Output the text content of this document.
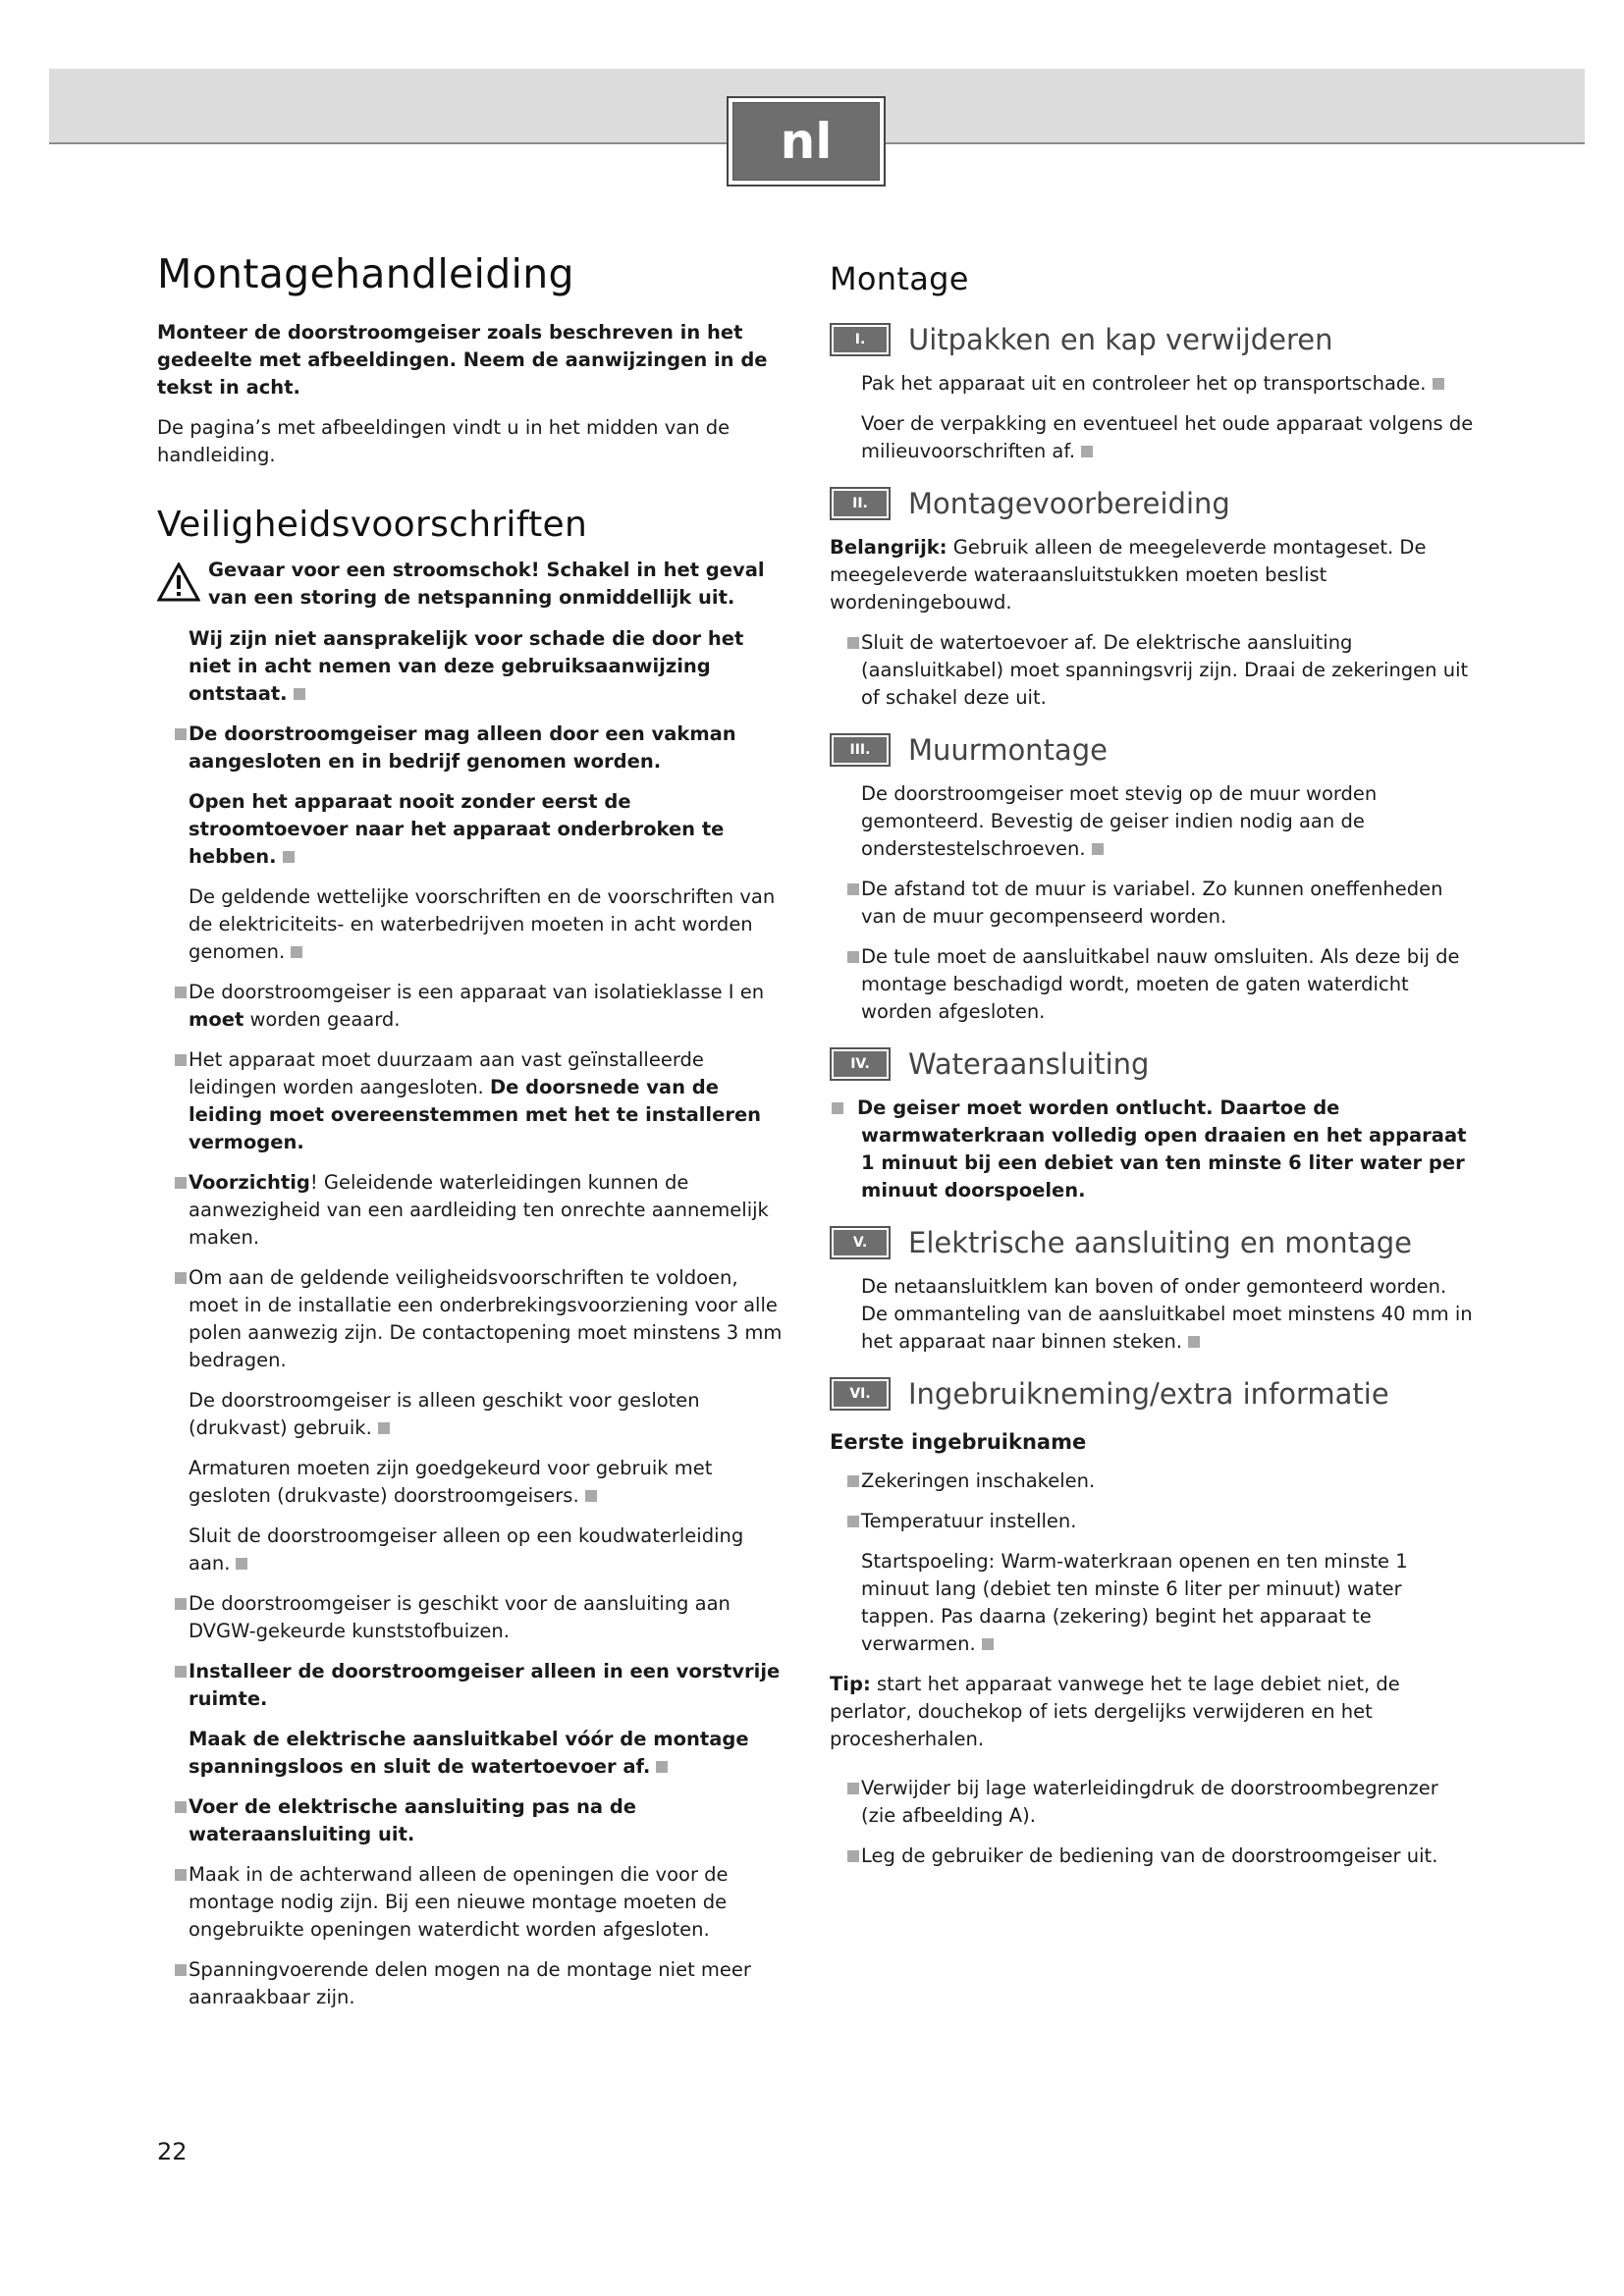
nl
Montagehandleiding

Monteer de doorstroomgeiser zoals beschreven in het gedeelte met afbeeldingen. Neem de aanwijzingen in de tekst in acht.

De pagina’s met afbeeldingen vindt u in het midden van de handleiding.

Veiligheidsvoorschriften
Gevaar voor een stroomschok! Schakel in het geval van een storing de netspanning onmiddellijk uit.

Wij zijn niet aansprakelijk voor schade die door het niet in acht nemen van deze gebruiksaanwijzing ontstaat.

De doorstroomgeiser mag alleen door een vakman aangesloten en in bedrijf genomen worden.

Open het apparaat nooit zonder eerst de stroomtoevoer naar het apparaat onderbroken te hebben.

De geldende wettelijke voorschriften en de voorschriften van de elektriciteits- en waterbedrijven moeten in acht worden genomen.

De doorstroomgeiser is een apparaat van isolatieklasse I en moet worden geaard.

Het apparaat moet duurzaam aan vast geïnstalleerde leidingen worden aangesloten. De doorsnede van de leiding moet overeenstemmen met het te installeren vermogen.

Voorzichtig! Geleidende waterleidingen kunnen de aanwezigheid van een aardleiding ten onrechte aannemelijk maken.

Om aan de geldende veiligheidsvoorschriften te voldoen, moet in de installatie een onderbrekingsvoorziening voor alle polen aanwezig zijn. De contactopening moet minstens 3 mm bedragen.

De doorstroomgeiser is alleen geschikt voor gesloten (drukvast) gebruik.

Armaturen moeten zijn goedgekeurd voor gebruik met gesloten (drukvaste) doorstroomgeisers.

Sluit de doorstroomgeiser alleen op een koudwaterleiding aan.

De doorstroomgeiser is geschikt voor de aansluiting aan DVGW-gekeurde kunststofbuizen.

Installeer de doorstroomgeiser alleen in een vorstvrije ruimte.

Maak de elektrische aansluitkabel vóór de montage spanningsloos en sluit de watertoevoer af.

Voer de elektrische aansluiting pas na de wateraansluiting uit.

Maak in de achterwand alleen de openingen die voor de montage nodig zijn. Bij een nieuwe montage moeten de ongebruikte openingen waterdicht worden afgesloten.

Spanningvoerende delen mogen na de montage niet meer aanraakbaar zijn.

Montage
I.	Uitpakken en kap verwijderen

Pak het apparaat uit en controleer het op transportschade.

Voer de verpakking en eventueel het oude apparaat volgens de milieuvoorschriften af.

II.	Montagevoorbereiding

Belangrijk: Gebruik alleen de meegeleverde montageset. De meegeleverde wateraansluitstukken moeten beslist wordeningebouwd.

Sluit de watertoevoer af. De elektrische aansluiting (aansluitkabel) moet spanningsvrij zijn. Draai de zekeringen uit of schakel deze uit.

III.	Muurmontage

De doorstroomgeiser moet stevig op de muur worden gemonteerd. Bevestig de geiser indien nodig aan de onderstestelschroeven.

De afstand tot de muur is variabel. Zo kunnen oneffenheden van de muur gecompenseerd worden.

De tule moet de aansluitkabel nauw omsluiten. Als deze bij de montage beschadigd wordt, moeten de gaten waterdicht worden afgesloten.

IV.	Wateraansluiting

De geiser moet worden ontlucht. Daartoe de warmwaterkraan volledig open draaien en het apparaat 1 minuut bij een debiet van ten minste 6 liter water per minuut doorspoelen.

V.	Elektrische aansluiting en montage

De netaansluitklem kan boven of onder gemonteerd worden. De ommanteling van de aansluitkabel moet minstens 40 mm in het apparaat naar binnen steken.

VI.	Ingebruikneming/extra informatie
Eerste ingebruikname

Zekeringen inschakelen.

Temperatuur instellen.

Startspoeling: Warm-waterkraan openen en ten minste 1 minuut lang (debiet ten minste 6 liter per minuut) water tappen. Pas daarna (zekering) begint het apparaat te verwarmen.

Tip: start het apparaat vanwege het te lage debiet niet, de perlator, douchekop of iets dergelijks verwijderen en het procesherhalen.

Verwijder bij lage waterleidingdruk de doorstroombegrenzer (zie afbeelding A).

Leg de gebruiker de bediening van de doorstroomgeiser uit.

22
